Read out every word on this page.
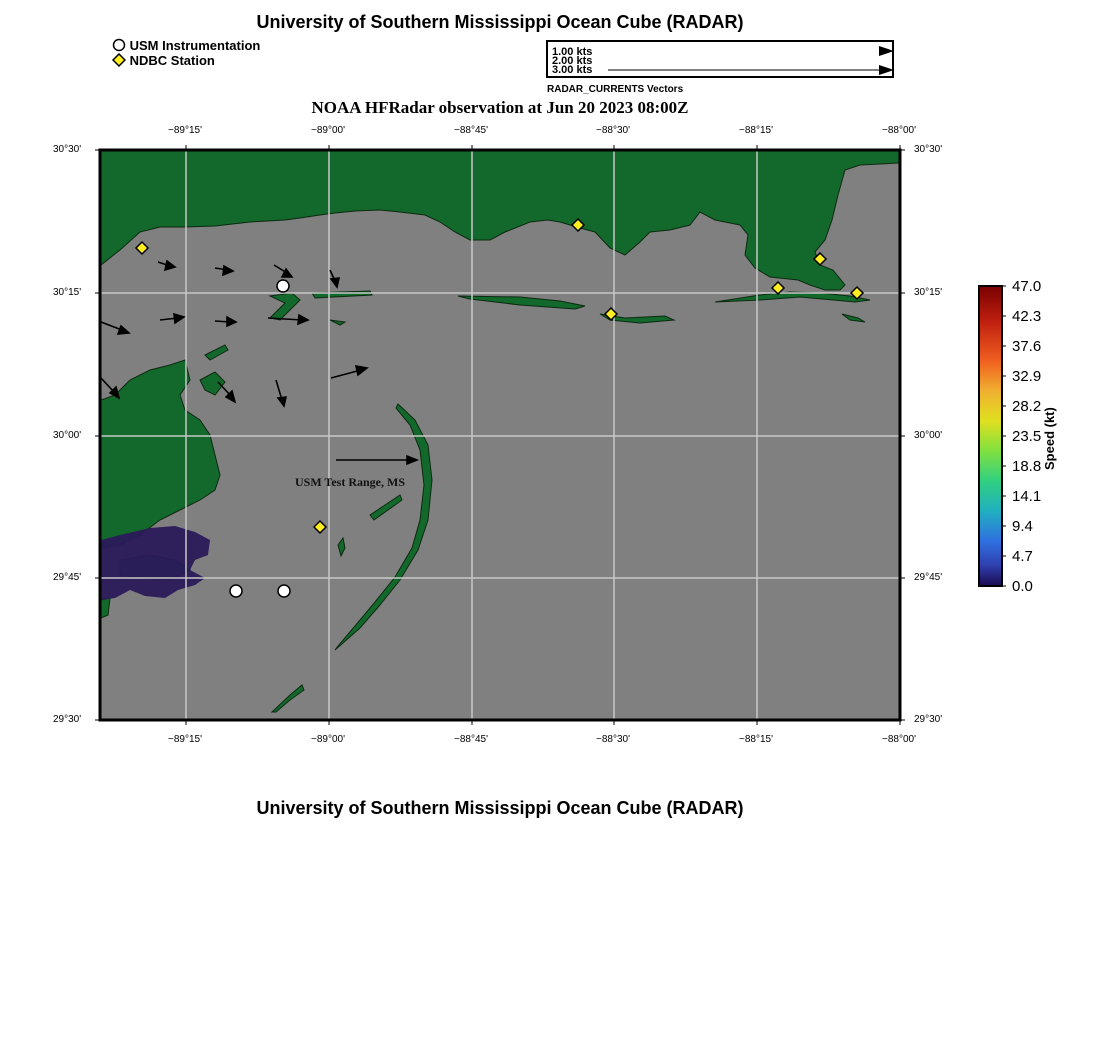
University of Southern Mississippi Ocean Cube (RADAR)
USM Instrumentation
NDBC Station
1.00 kts
2.00 kts
3.00 kts
RADAR_CURRENTS Vectors
NOAA HFRadar observation at Jun 20 2023 08:00Z
USM Test Range, MS
−89°15'	−89°00'	−88°45'	−88°30'	−88°15'	−88°00'
−89°15'	−89°00'	−88°45'	−88°30'	−88°15'	−88°00'
30°30'
30°15'
30°00'
29°45'
29°30'
30°30'
30°15'
30°00'
29°45'
29°30'
47.0
42.3
37.6
32.9
28.2
23.5
18.8
14.1
9.4
4.7
0.0
Speed (kt)
University of Southern Mississippi Ocean Cube (RADAR)
